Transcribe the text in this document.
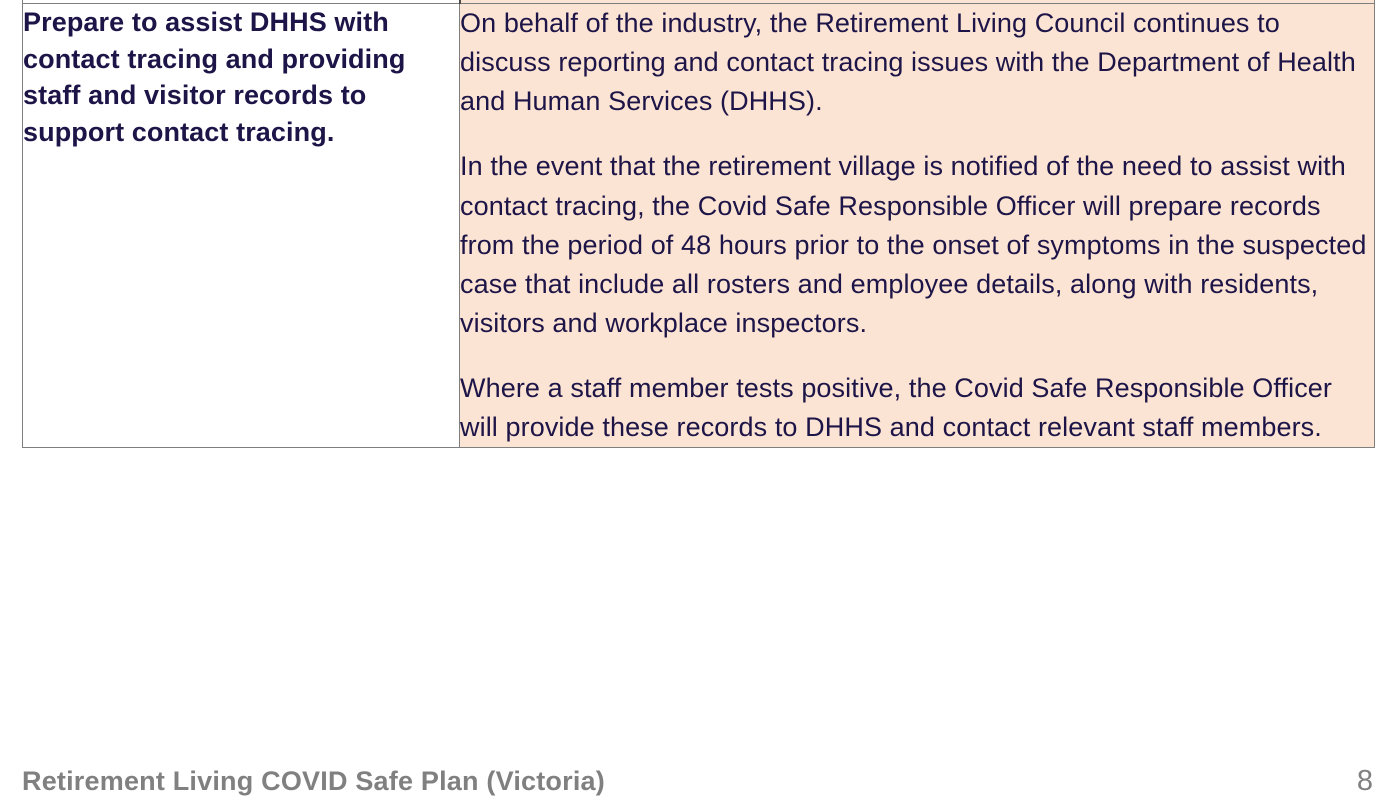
Prepare to assist DHHS with contact tracing and providing staff and visitor records to support contact tracing.	On behalf of the industry, the Retirement Living Council continues to discuss reporting and contact tracing issues with the Department of Health and Human Services (DHHS).

In the event that the retirement village is notified of the need to assist with contact tracing, the Covid Safe Responsible Officer will prepare records from the period of 48 hours prior to the onset of symptoms in the suspected case that include all rosters and employee details, along with residents, visitors and workplace inspectors.

Where a staff member tests positive, the Covid Safe Responsible Officer will provide these records to DHHS and contact relevant staff members.

Retirement Living COVID Safe Plan (Victoria)	8
